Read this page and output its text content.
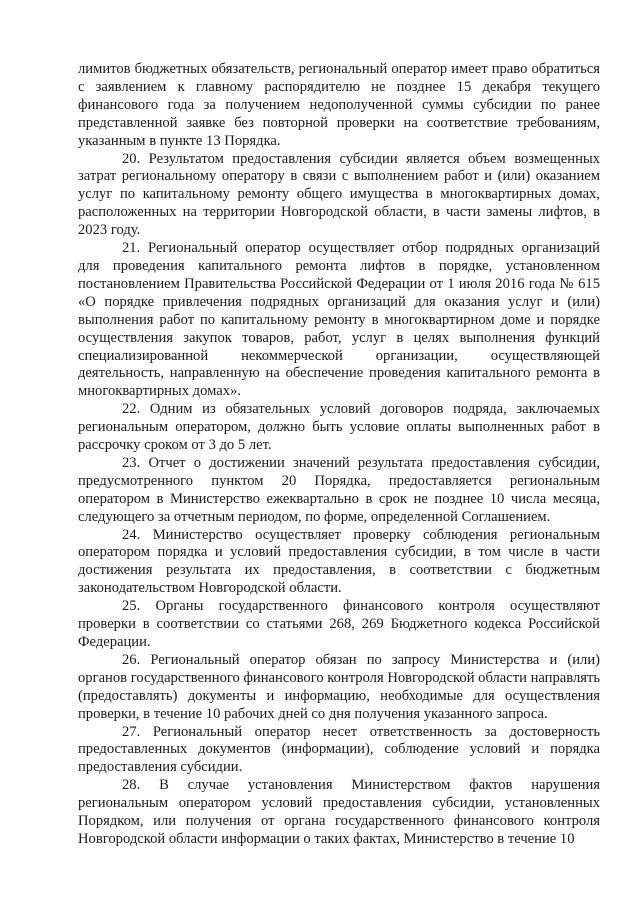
лимитов бюджетных обязательств, региональный оператор имеет право обратиться с заявлением к главному распорядителю не позднее 15 декабря текущего финансового года за получением недополученной суммы субсидии по ранее представленной заявке без повторной проверки на соответствие требованиям, указанным в пункте 13 Порядка.

20. Результатом предоставления субсидии является объем возмещенных затрат региональному оператору в связи с выполнением работ и (или) оказанием услуг по капитальному ремонту общего имущества в многоквартирных домах, расположенных на территории Новгородской области, в части замены лифтов, в 2023 году.

21. Региональный оператор осуществляет отбор подрядных организаций для проведения капитального ремонта лифтов в порядке, установленном постановлением Правительства Российской Федерации от 1 июля 2016 года № 615 «О порядке привлечения подрядных организаций для оказания услуг и (или) выполнения работ по капитальному ремонту в многоквартирном доме и порядке осуществления закупок товаров, работ, услуг в целях выполнения функций специализированной некоммерческой организации, осуществляющей деятельность, направленную на обеспечение проведения капитального ремонта в многоквартирных домах».

22. Одним из обязательных условий договоров подряда, заключаемых региональным оператором, должно быть условие оплаты выполненных работ в рассрочку сроком от 3 до 5 лет.

23. Отчет о достижении значений результата предоставления субсидии, предусмотренного пунктом 20 Порядка, предоставляется региональным оператором в Министерство ежеквартально в срок не позднее 10 числа месяца, следующего за отчетным периодом, по форме, определенной Соглашением.

24. Министерство осуществляет проверку соблюдения региональным оператором порядка и условий предоставления субсидии, в том числе в части достижения результата их предоставления, в соответствии с бюджетным законодательством Новгородской области.

25. Органы государственного финансового контроля осуществляют проверки в соответствии со статьями 268, 269 Бюджетного кодекса Российской Федерации.

26. Региональный оператор обязан по запросу Министерства и (или) органов государственного финансового контроля Новгородской области направлять (предоставлять) документы и информацию, необходимые для осуществления проверки, в течение 10 рабочих дней со дня получения указанного запроса.

27. Региональный оператор несет ответственность за достоверность предоставленных документов (информации), соблюдение условий и порядка предоставления субсидии.

28. В случае установления Министерством фактов нарушения региональным оператором условий предоставления субсидии, установленных Порядком, или получения от органа государственного финансового контроля Новгородской области информации о таких фактах, Министерство в течение 10
